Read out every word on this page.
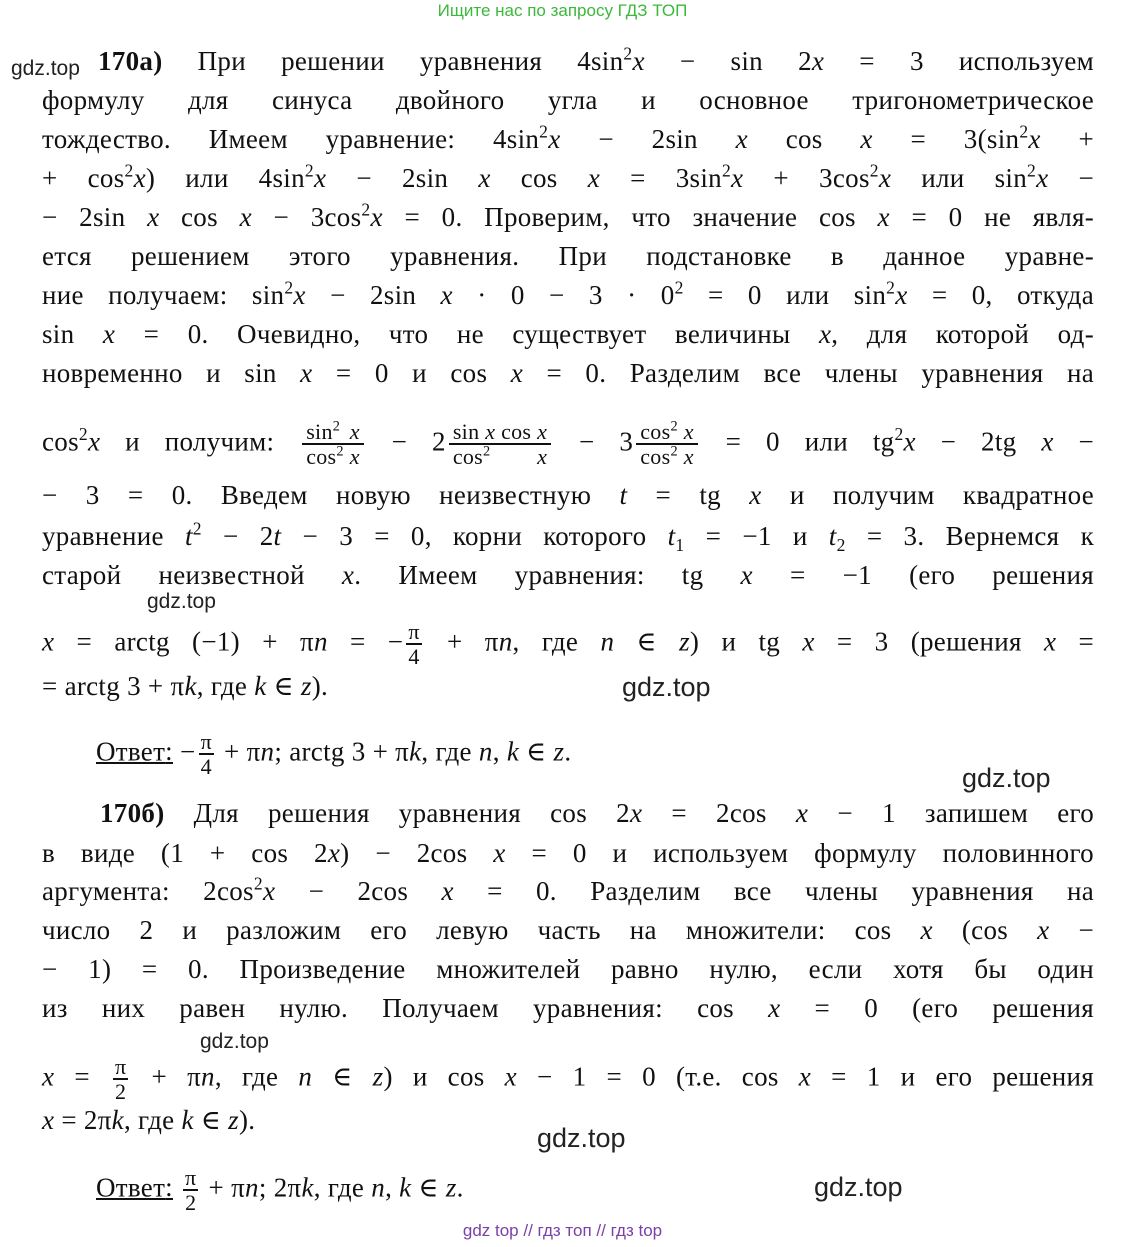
Ищите нас по запросу ГДЗ ТОП
gdz.top
gdz.top
gdz.top
gdz.top
gdz.top
gdz.top
gdz.top
170а) При решении уравнения $4\sin^2x - \sin 2x = 3$ используем
формулу для синуса двойного угла и основное тригонометрическое
тождество. Имеем уравнение: $4\sin^2x - 2\sin$ x $\cos x = 3(\sin^2x$ +
+ $\cos^2x$) или $4\sin^2x - 2\sin$ x $\cos x = 3\sin^2x + 3\cos^2x$ или $\sin^2x$ −
− 2sin x $\cos x - 3\cos^2x = 0$. Проверим, что значение cos x = 0 не явля-
ется решением этого уравнения. При подстановке в данное уравне-
ние получаем: $\sin^2x - 2\sin$ $x \cdot 0 - 3 \cdot 0^2 = 0$ или $\sin^2x = 0$, откуда
sin x = 0. Очевидно, что не существует величины x, для которой од-
новременно и sin x = 0 и cos x = 0. Разделим все члены уравнения на
$\cos^2x$ и получим: $\frac{\sin^2 x}{\cos^2 x} - 2 \frac{\text{sin x cos x}}{\cos^2 x} - 3 \frac{\cos^2 x}{\cos^2 x} = 0$ или $tg^2x - 2tg$ x −
− 3 = 0. Введем новую неизвестную t = tg x и получим квадратное
уравнение $t^2 - 2t - 3 = 0$, корни которого $t_1 = -1$ и $t_2 = 3$. Вернемся к
старой неизвестной x. Имеем уравнения: tg x = −1 (его решения
x = arctg (−1) + πn = − $\frac{\pi}{4} + \pi n$, где n ∈ z) и tg x = 3 (решения x =
= arctg 3 + πk, где k ∈ z).
Ответ : − $\frac{\pi}{4} + \pi n$; arctg 3 + πk, где n, k ∈ z.
170б) Для решения уравнения cos 2x = 2cos x − 1 запишем его
в виде (1 + cos 2x) − 2cos x = 0 и используем формулу половинного
аргумента: $2\cos^2x - 2\cos$ x = 0. Разделим все члены уравнения на
число 2 и разложим его левую часть на множители: cos x (cos x −
− 1) = 0. Произведение множителей равно нулю, если хотя бы один
из них равен нулю. Получаем уравнения: cos x = 0 (его решения
$x = \frac{\pi}{2} + \pi n$, где n ∈ z) и cos x − 1 = 0 (т.е. cos x = 1 и его решения
x = 2πk, где k ∈ z).
Ответ : $\frac{\pi}{2} + \pi n$; 2πk, где n, k ∈ z.
gdz top // гдз топ // гдз top
